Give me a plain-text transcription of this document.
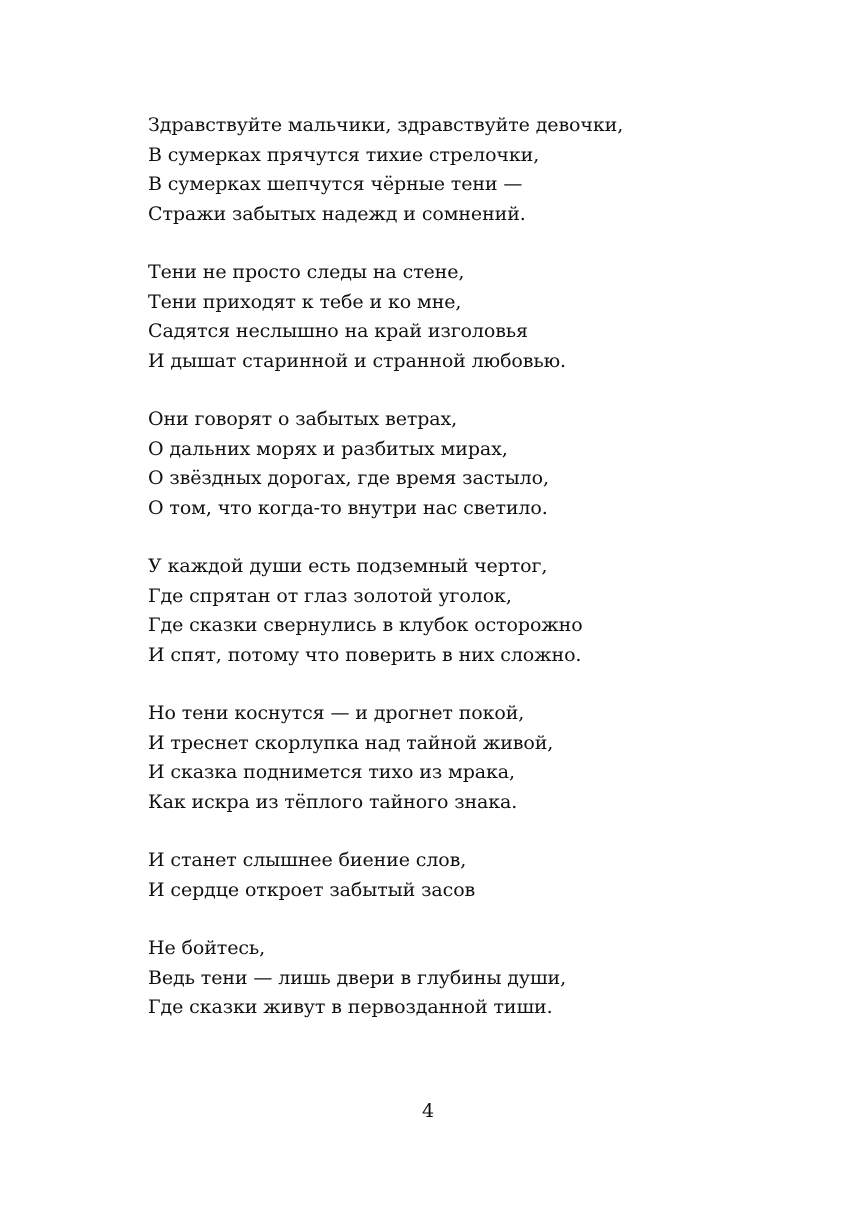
Здравствуйте мальчики, здравствуйте девочки,
В сумерках прячутся тихие стрелочки,
В сумерках шепчутся чёрные тени —
Стражи забытых надежд и сомнений.
Тени не просто следы на стене,
Тени приходят к тебе и ко мне,
Садятся неслышно на край изголовья
И дышат старинной и странной любовью.
Они говорят о забытых ветрах,
О дальних морях и разбитых мирах,
О звёздных дорогах, где время застыло,
О том, что когда-то внутри нас светило.
У каждой души есть подземный чертог,
Где спрятан от глаз золотой уголок,
Где сказки свернулись в клубок осторожно
И спят, потому что поверить в них сложно.
Но тени коснутся — и дрогнет покой,
И треснет скорлупка над тайной живой,
И сказка поднимется тихо из мрака,
Как искра из тёплого тайного знака.
И станет слышнее биение слов,
И сердце откроет забытый засов
Не бойтесь,
Ведь тени — лишь двери в глубины души,
Где сказки живут в первозданной тиши.
4
